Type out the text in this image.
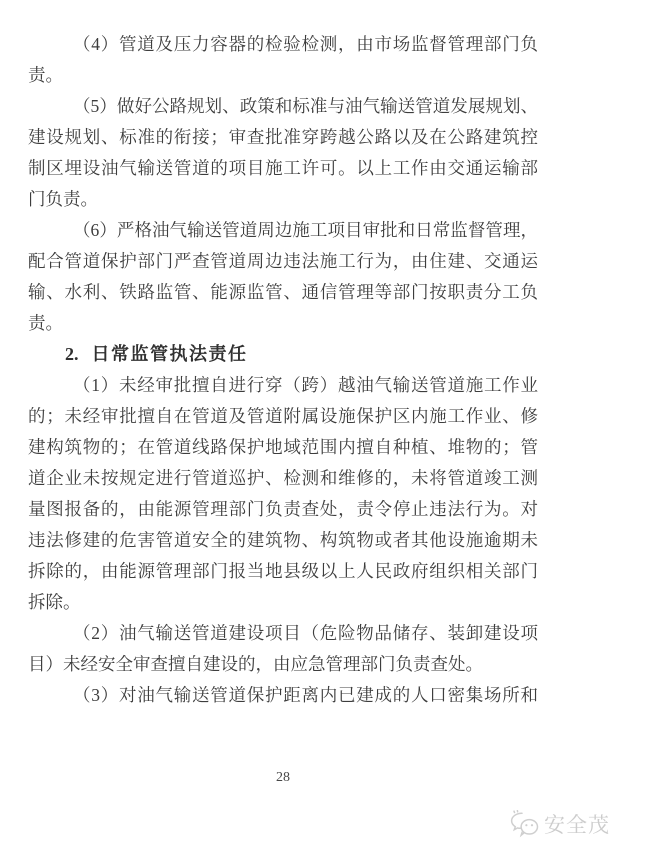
（4）管道及压力容器的检验检测，由市场监督管理部门负
责。
（5）做好公路规划、政策和标准与油气输送管道发展规划、
建设规划、标准的衔接；审查批准穿跨越公路以及在公路建筑控
制区埋设油气输送管道的项目施工许可。以上工作由交通运输部
门负责。
（6）严格油气输送管道周边施工项目审批和日常监督管理，
配合管道保护部门严查管道周边违法施工行为，由住建、交通运
输、水利、铁路监管、能源监管、通信管理等部门按职责分工负
责。
2. 日常监管执法责任
（1）未经审批擅自进行穿（跨）越油气输送管道施工作业
的；未经审批擅自在管道及管道附属设施保护区内施工作业、修
建构筑物的；在管道线路保护地域范围内擅自种植、堆物的；管
道企业未按规定进行管道巡护、检测和维修的，未将管道竣工测
量图报备的，由能源管理部门负责查处，责令停止违法行为。对
违法修建的危害管道安全的建筑物、构筑物或者其他设施逾期未
拆除的，由能源管理部门报当地县级以上人民政府组织相关部门
拆除。
（2）油气输送管道建设项目（危险物品储存、装卸建设项
目）未经安全审查擅自建设的，由应急管理部门负责查处。
（3）对油气输送管道保护距离内已建成的人口密集场所和
28
安全茂
